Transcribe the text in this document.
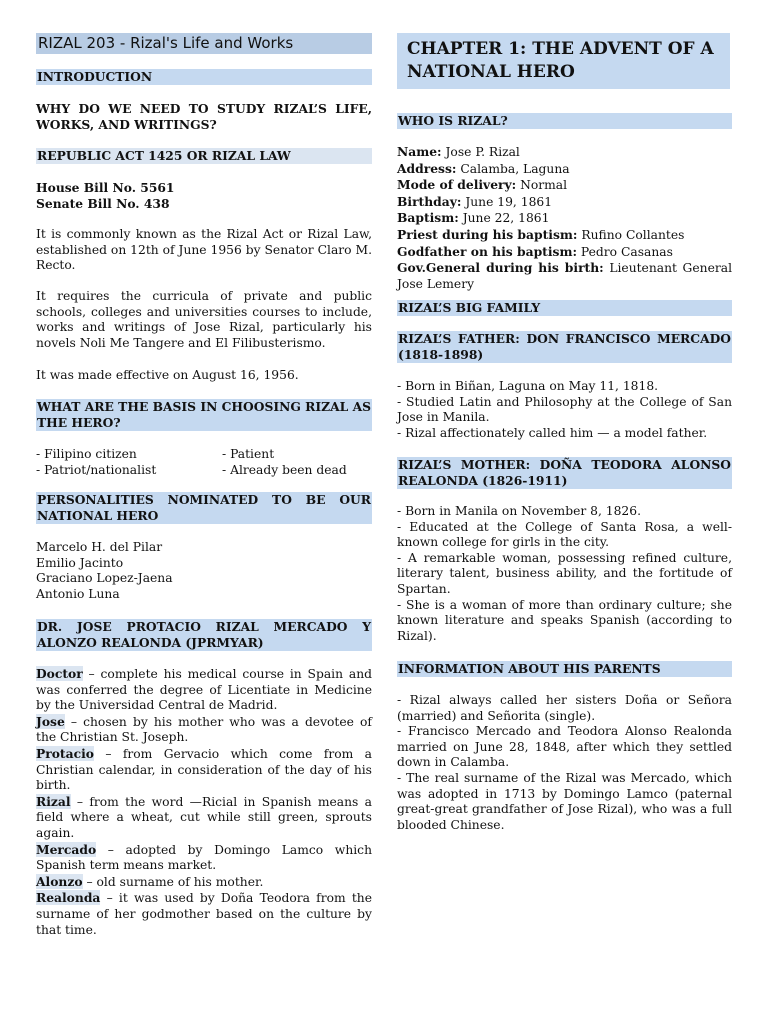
RIZAL 203 - Rizal's Life and Works
INTRODUCTION
WHY DO WE NEED TO STUDY RIZAL’S LIFE, WORKS, AND WRITINGS?
REPUBLIC ACT 1425 OR RIZAL LAW
House Bill No. 5561
Senate Bill No. 438
It is commonly known as the Rizal Act or Rizal Law, established on 12th of June 1956 by Senator Claro M. Recto.
It requires the curricula of private and public schools, colleges and universities courses to include, works and writings of Jose Rizal, particularly his novels Noli Me Tangere and El Filibusterismo.
It was made effective on August 16, 1956.
WHAT ARE THE BASIS IN CHOOSING RIZAL AS THE HERO?
- Filipino citizen
- Patriot/nationalist
- Patient
- Already been dead
PERSONALITIES NOMINATED TO BE OUR NATIONAL HERO
Marcelo H. del Pilar
Emilio Jacinto
Graciano Lopez-Jaena
Antonio Luna
DR. JOSE PROTACIO RIZAL MERCADO Y ALONZO REALONDA (JPRMYAR)

Doctor – complete his medical course in Spain and was conferred the degree of Licentiate in Medicine by the Universidad Central de Madrid.

Jose – chosen by his mother who was a devotee of the Christian St. Joseph.

Protacio – from Gervacio which come from a Christian calendar, in consideration of the day of his birth.

Rizal – from the word —Ricial in Spanish means a field where a wheat, cut while still green, sprouts again.

Mercado – adopted by Domingo Lamco which Spanish term means market.

Alonzo – old surname of his mother.

Realonda – it was used by Doña Teodora from the surname of her godmother based on the culture by that time.

CHAPTER 1: THE ADVENT OF A NATIONAL HERO
WHO IS RIZAL?

Name: Jose P. Rizal

Address: Calamba, Laguna

Mode of delivery: Normal

Birthday: June 19, 1861

Baptism: June 22, 1861

Priest during his baptism: Rufino Collantes

Godfather on his baptism: Pedro Casanas

Gov.General during his birth: Lieutenant General Jose Lemery

RIZAL’S BIG FAMILY
RIZAL’S FATHER: DON FRANCISCO MERCADO (1818-1898)

- Born in Biñan, Laguna on May 11, 1818.

- Studied Latin and Philosophy at the College of San Jose in Manila.

- Rizal affectionately called him — a model father.

RIZAL’S MOTHER: DOÑA TEODORA ALONSO REALONDA (1826-1911)

- Born in Manila on November 8, 1826.

- Educated at the College of Santa Rosa, a well-known college for girls in the city.

- A remarkable woman, possessing refined culture, literary talent, business ability, and the fortitude of Spartan.

- She is a woman of more than ordinary culture; she known literature and speaks Spanish (according to Rizal).

INFORMATION ABOUT HIS PARENTS

- Rizal always called her sisters Doña or Señora (married) and Señorita (single).

- Francisco Mercado and Teodora Alonso Realonda married on June 28, 1848, after which they settled down in Calamba.

- The real surname of the Rizal was Mercado, which was adopted in 1713 by Domingo Lamco (paternal great-great grandfather of Jose Rizal), who was a full blooded Chinese.
